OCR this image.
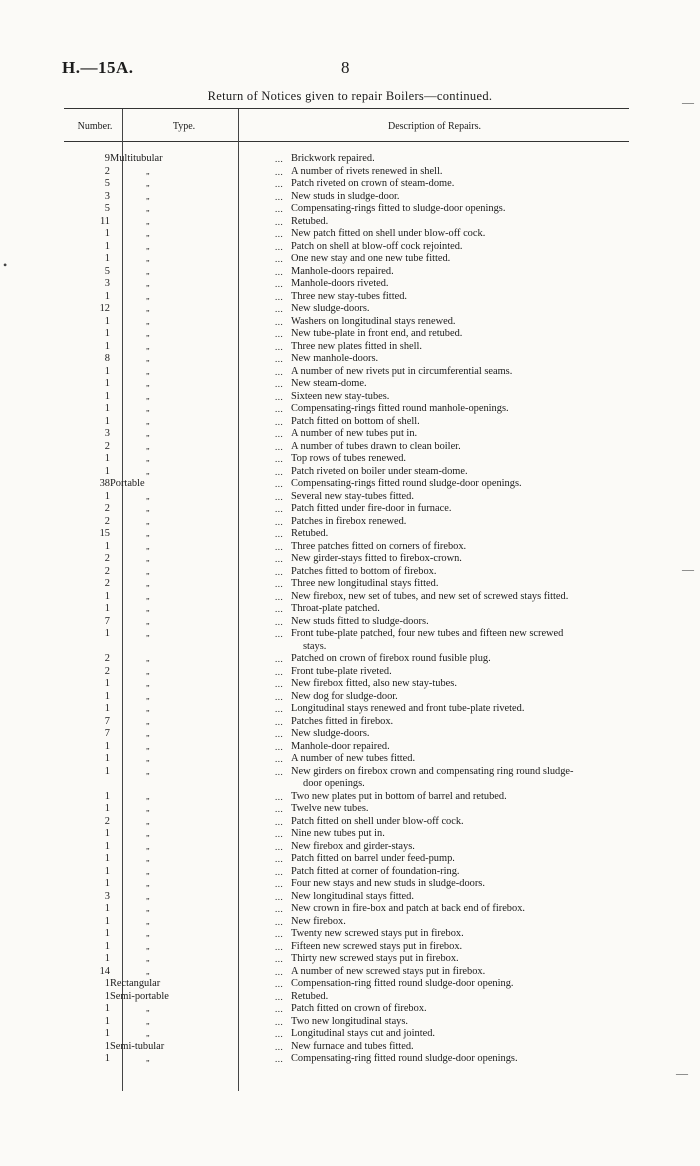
H.—15A.	8
Return of Notices given to repair Boilers—continued.
Number.	Type.	Description of Repairs.
9 Multitubular	... Brickwork repaired.
2	„	... A number of rivets renewed in shell.
5	„	... Patch riveted on crown of steam-dome.
3	„	... New studs in sludge-door.
5	„	... Compensating-rings fitted to sludge-door openings.
11	„	... Retubed.
1	„	... New patch fitted on shell under blow-off cock.
1	„	... Patch on shell at blow-off cock rejointed.
1	„	... One new stay and one new tube fitted.
5	„	... Manhole-doors repaired.
3	„	... Manhole-doors riveted.
1	„	... Three new stay-tubes fitted.
12	„	... New sludge-doors.
1	„	... Washers on longitudinal stays renewed.
1	„	... New tube-plate in front end, and retubed.
1	„	... Three new plates fitted in shell.
8	„	... New manhole-doors.
1	„	... A number of new rivets put in circumferential seams.
1	„	... New steam-dome.
1	„	... Sixteen new stay-tubes.
1	„	... Compensating-rings fitted round manhole-openings.
1	„	... Patch fitted on bottom of shell.
3	„	... A number of new tubes put in.
2	„	... A number of tubes drawn to clean boiler.
1	„	... Top rows of tubes renewed.
1	„	... Patch riveted on boiler under steam-dome.
38 Portable	... Compensating-rings fitted round sludge-door openings.
1	„	... Several new stay-tubes fitted.
2	„	... Patch fitted under fire-door in furnace.
2	„	... Patches in firebox renewed.
15	„	... Retubed.
1	„	... Three patches fitted on corners of firebox.
2	„	... New girder-stays fitted to firebox-crown.
2	„	... Patches fitted to bottom of firebox.
2	„	... Three new longitudinal stays fitted.
1	„	... New firebox, new set of tubes, and new set of screwed stays fitted.
1	„	... Throat-plate patched.
7	„	... New studs fitted to sludge-doors.
1	„	... Front tube-plate patched, four new tubes and fifteen new screwed
stays.
2	„	... Patched on crown of firebox round fusible plug.
2	„	... Front tube-plate riveted.
1	„	... New firebox fitted, also new stay-tubes.
1	„	... New dog for sludge-door.
1	„	... Longitudinal stays renewed and front tube-plate riveted.
7	„	... Patches fitted in firebox.
7	„	... New sludge-doors.
1	„	... Manhole-door repaired.
1	„	... A number of new tubes fitted.
1	„	... New girders on firebox crown and compensating ring round sludge-
door openings.
1	„	... Two new plates put in bottom of barrel and retubed.
1	„	... Twelve new tubes.
2	„	... Patch fitted on shell under blow-off cock.
1	„	... Nine new tubes put in.
1	„	... New firebox and girder-stays.
1	„	... Patch fitted on barrel under feed-pump.
1	„	... Patch fitted at corner of foundation-ring.
1	„	... Four new stays and new studs in sludge-doors.
3	„	... New longitudinal stays fitted.
1	„	... New crown in fire-box and patch at back end of firebox.
1	„	... New firebox.
1	„	... Twenty new screwed stays put in firebox.
1	„	... Fifteen new screwed stays put in firebox.
1	„	... Thirty new screwed stays put in firebox.
14	„	... A number of new screwed stays put in firebox.
1 Rectangular	... Compensation-ring fitted round sludge-door opening.
1 Semi-portable	... Retubed.
1	„	... Patch fitted on crown of firebox.
1	„	... Two new longitudinal stays.
1	„	... Longitudinal stays cut and jointed.
1 Semi-tubular	... New furnace and tubes fitted.
1	„	... Compensating-ring fitted round sludge-door openings.
•
—
—
—
